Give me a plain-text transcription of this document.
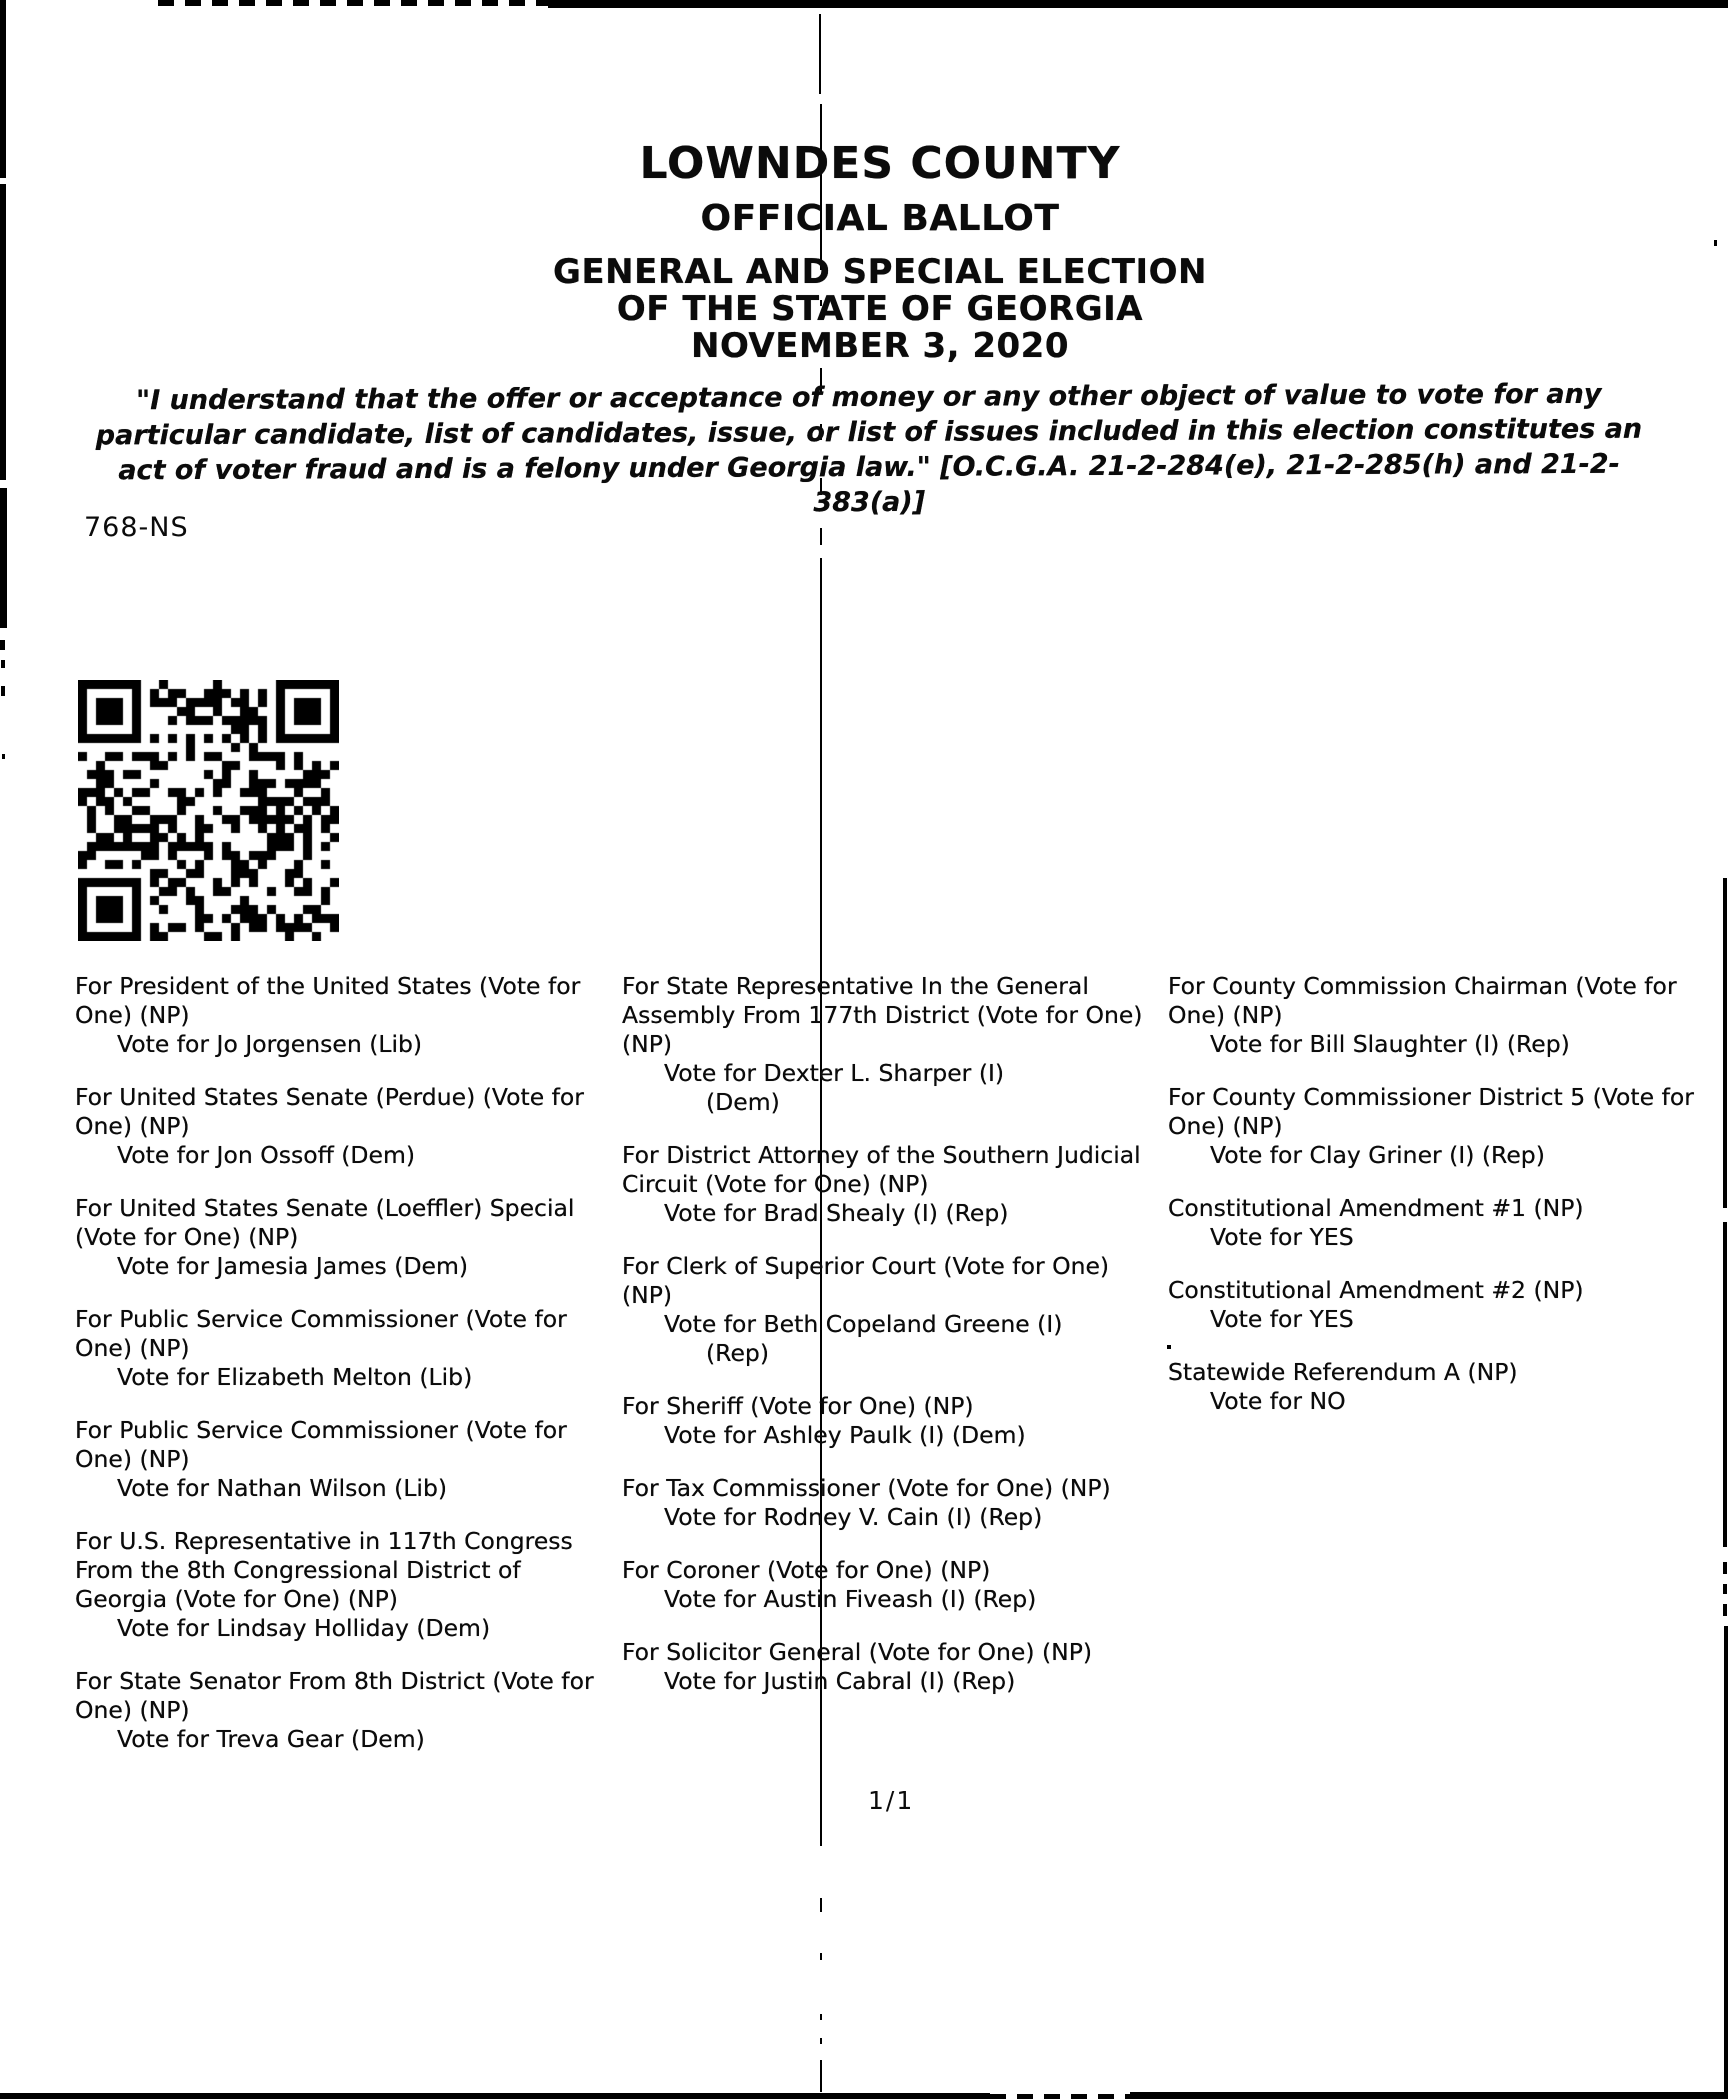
LOWNDES COUNTY
OFFICIAL BALLOT
GENERAL AND SPECIAL ELECTION
OF THE STATE OF GEORGIA
NOVEMBER 3, 2020
"I understand that the offer or acceptance of money or any other object of value to vote for any particular candidate, list of candidates, issue, or list of issues included in this election constitutes an act of voter fraud and is a felony under Georgia law." [O.C.G.A. 21-2-284(e), 21-2-285(h) and 21-2-383(a)]
768-NS
For President of the United States (Vote for One) (NP)
Vote for Jo Jorgensen (Lib)
For United States Senate (Perdue) (Vote for One) (NP)
Vote for Jon Ossoff (Dem)
For United States Senate (Loeffler) Special (Vote for One) (NP)
Vote for Jamesia James (Dem)
For Public Service Commissioner (Vote for One) (NP)
Vote for Elizabeth Melton (Lib)
For Public Service Commissioner (Vote for One) (NP)
Vote for Nathan Wilson (Lib)
For U.S. Representative in 117th Congress From the 8th Congressional District of Georgia (Vote for One) (NP)
Vote for Lindsay Holliday (Dem)
For State Senator From 8th District (Vote for One) (NP)
Vote for Treva Gear (Dem)
For State Representative In the General Assembly From 177th District (Vote for One) (NP)
Vote for Dexter L. Sharper (I)
(Dem)
For District Attorney of the Southern Judicial Circuit (Vote for One) (NP)
Vote for Brad Shealy (I) (Rep)
For Clerk of Superior Court (Vote for One) (NP)
Vote for Beth Copeland Greene (I)
(Rep)
For Sheriff (Vote for One) (NP)
Vote for Ashley Paulk (I) (Dem)
For Tax Commissioner (Vote for One) (NP)
Vote for Rodney V. Cain (I) (Rep)
For Coroner (Vote for One) (NP)
Vote for Austin Fiveash (I) (Rep)
For Solicitor General (Vote for One) (NP)
Vote for Justin Cabral (I) (Rep)
For County Commission Chairman (Vote for One) (NP)
Vote for Bill Slaughter (I) (Rep)
For County Commissioner District 5 (Vote for One) (NP)
Vote for Clay Griner (I) (Rep)
Constitutional Amendment #1 (NP)
Vote for YES
Constitutional Amendment #2 (NP)
Vote for YES
Statewide Referendum A (NP)
Vote for NO
1/1
